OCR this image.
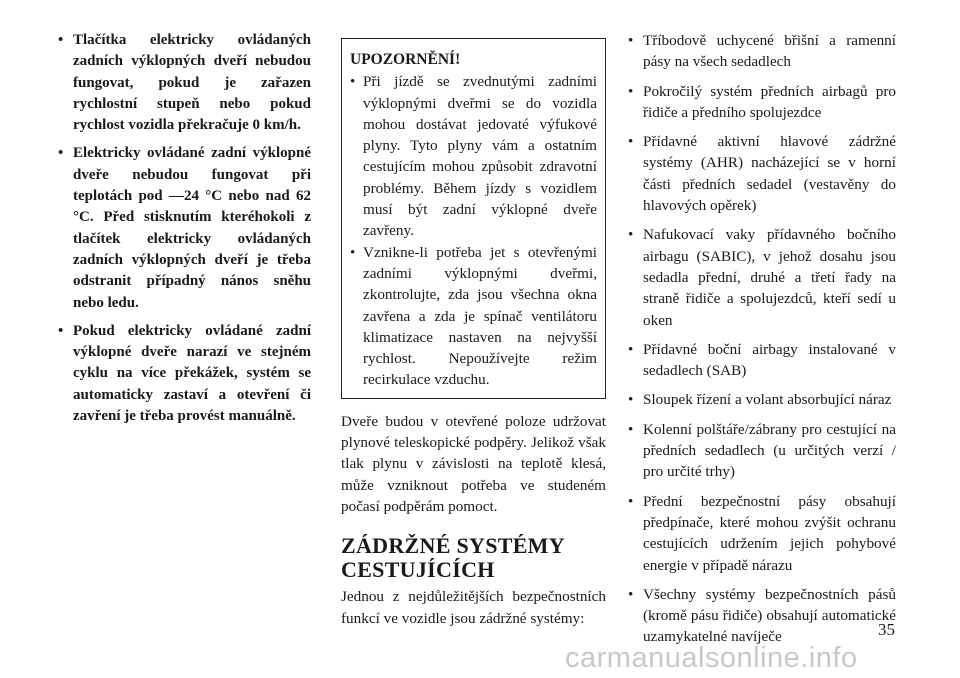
• Tlačítka elektricky ovládaných zadních výklopných dveří nebudou fungovat, pokud je zařazen rychlostní stupeň nebo pokud rychlost vozidla překračuje 0 km/h.
• Elektricky ovládané zadní výklopné dveře nebudou fungovat při teplotách pod —24 °C nebo nad 62 °C. Před stisknutím kteréhokoli z tlačítek elektricky ovládaných zadních výklopných dveří je třeba odstranit případný nános sněhu nebo ledu.
• Pokud elektricky ovládané zadní výklopné dveře narazí ve stejném cyklu na více překážek, systém se automaticky zastaví a otevření či zavření je třeba provést manuálně.
UPOZORNĚNÍ!
• Při jízdě se zvednutými zadními výklopnými dveřmi se do vozidla mohou dostávat jedovaté výfukové plyny. Tyto plyny vám a ostatním cestujícím mohou způsobit zdravotní problémy. Během jízdy s vozidlem musí být zadní výklopné dveře zavřeny.
• Vznikne-li potřeba jet s otevřenými zadními výklopnými dveřmi, zkontrolujte, zda jsou všechna okna zavřena a zda je spínač ventilátoru klimatizace nastaven na nejvyšší rychlost. Nepoužívejte režim recirkulace vzduchu.

Dveře budou v otevřené poloze udržovat plynové teleskopické podpěry. Jelikož však tlak plynu v závislosti na teplotě klesá, může vzniknout potřeba ve studeném počasí podpěrám pomoct.

ZÁDRŽNÉ SYSTÉMY
CESTUJÍCÍCH

Jednou z nejdůležitějších bezpečnostních funkcí ve vozidle jsou zádržné systémy:

• Tříbodově uchycené břišní a ramenní pásy na všech sedadlech
• Pokročilý systém předních airbagů pro řidiče a předního spolujezdce
• Přídavné aktivní hlavové zádržné systémy (AHR) nacházející se v horní části předních sedadel (vestavěny do hlavových opěrek)
• Nafukovací vaky přídavného bočního airbagu (SABIC), v jehož dosahu jsou sedadla přední, druhé a třetí řady na straně řidiče a spolujezdců, kteří sedí u oken
• Přídavné boční airbagy instalované v sedadlech (SAB)
• Sloupek řízení a volant absorbující náraz
• Kolenní polštáře/zábrany pro cestující na předních sedadlech (u určitých verzí / pro určité trhy)
• Přední bezpečnostní pásy obsahují předpínače, které mohou zvýšit ochranu cestujících udržením jejich pohybové energie v případě nárazu
• Všechny systémy bezpečnostních pásů (kromě pásu řidiče) obsahují automatické uzamykatelné navíječe	35
carmanualsonline.info
